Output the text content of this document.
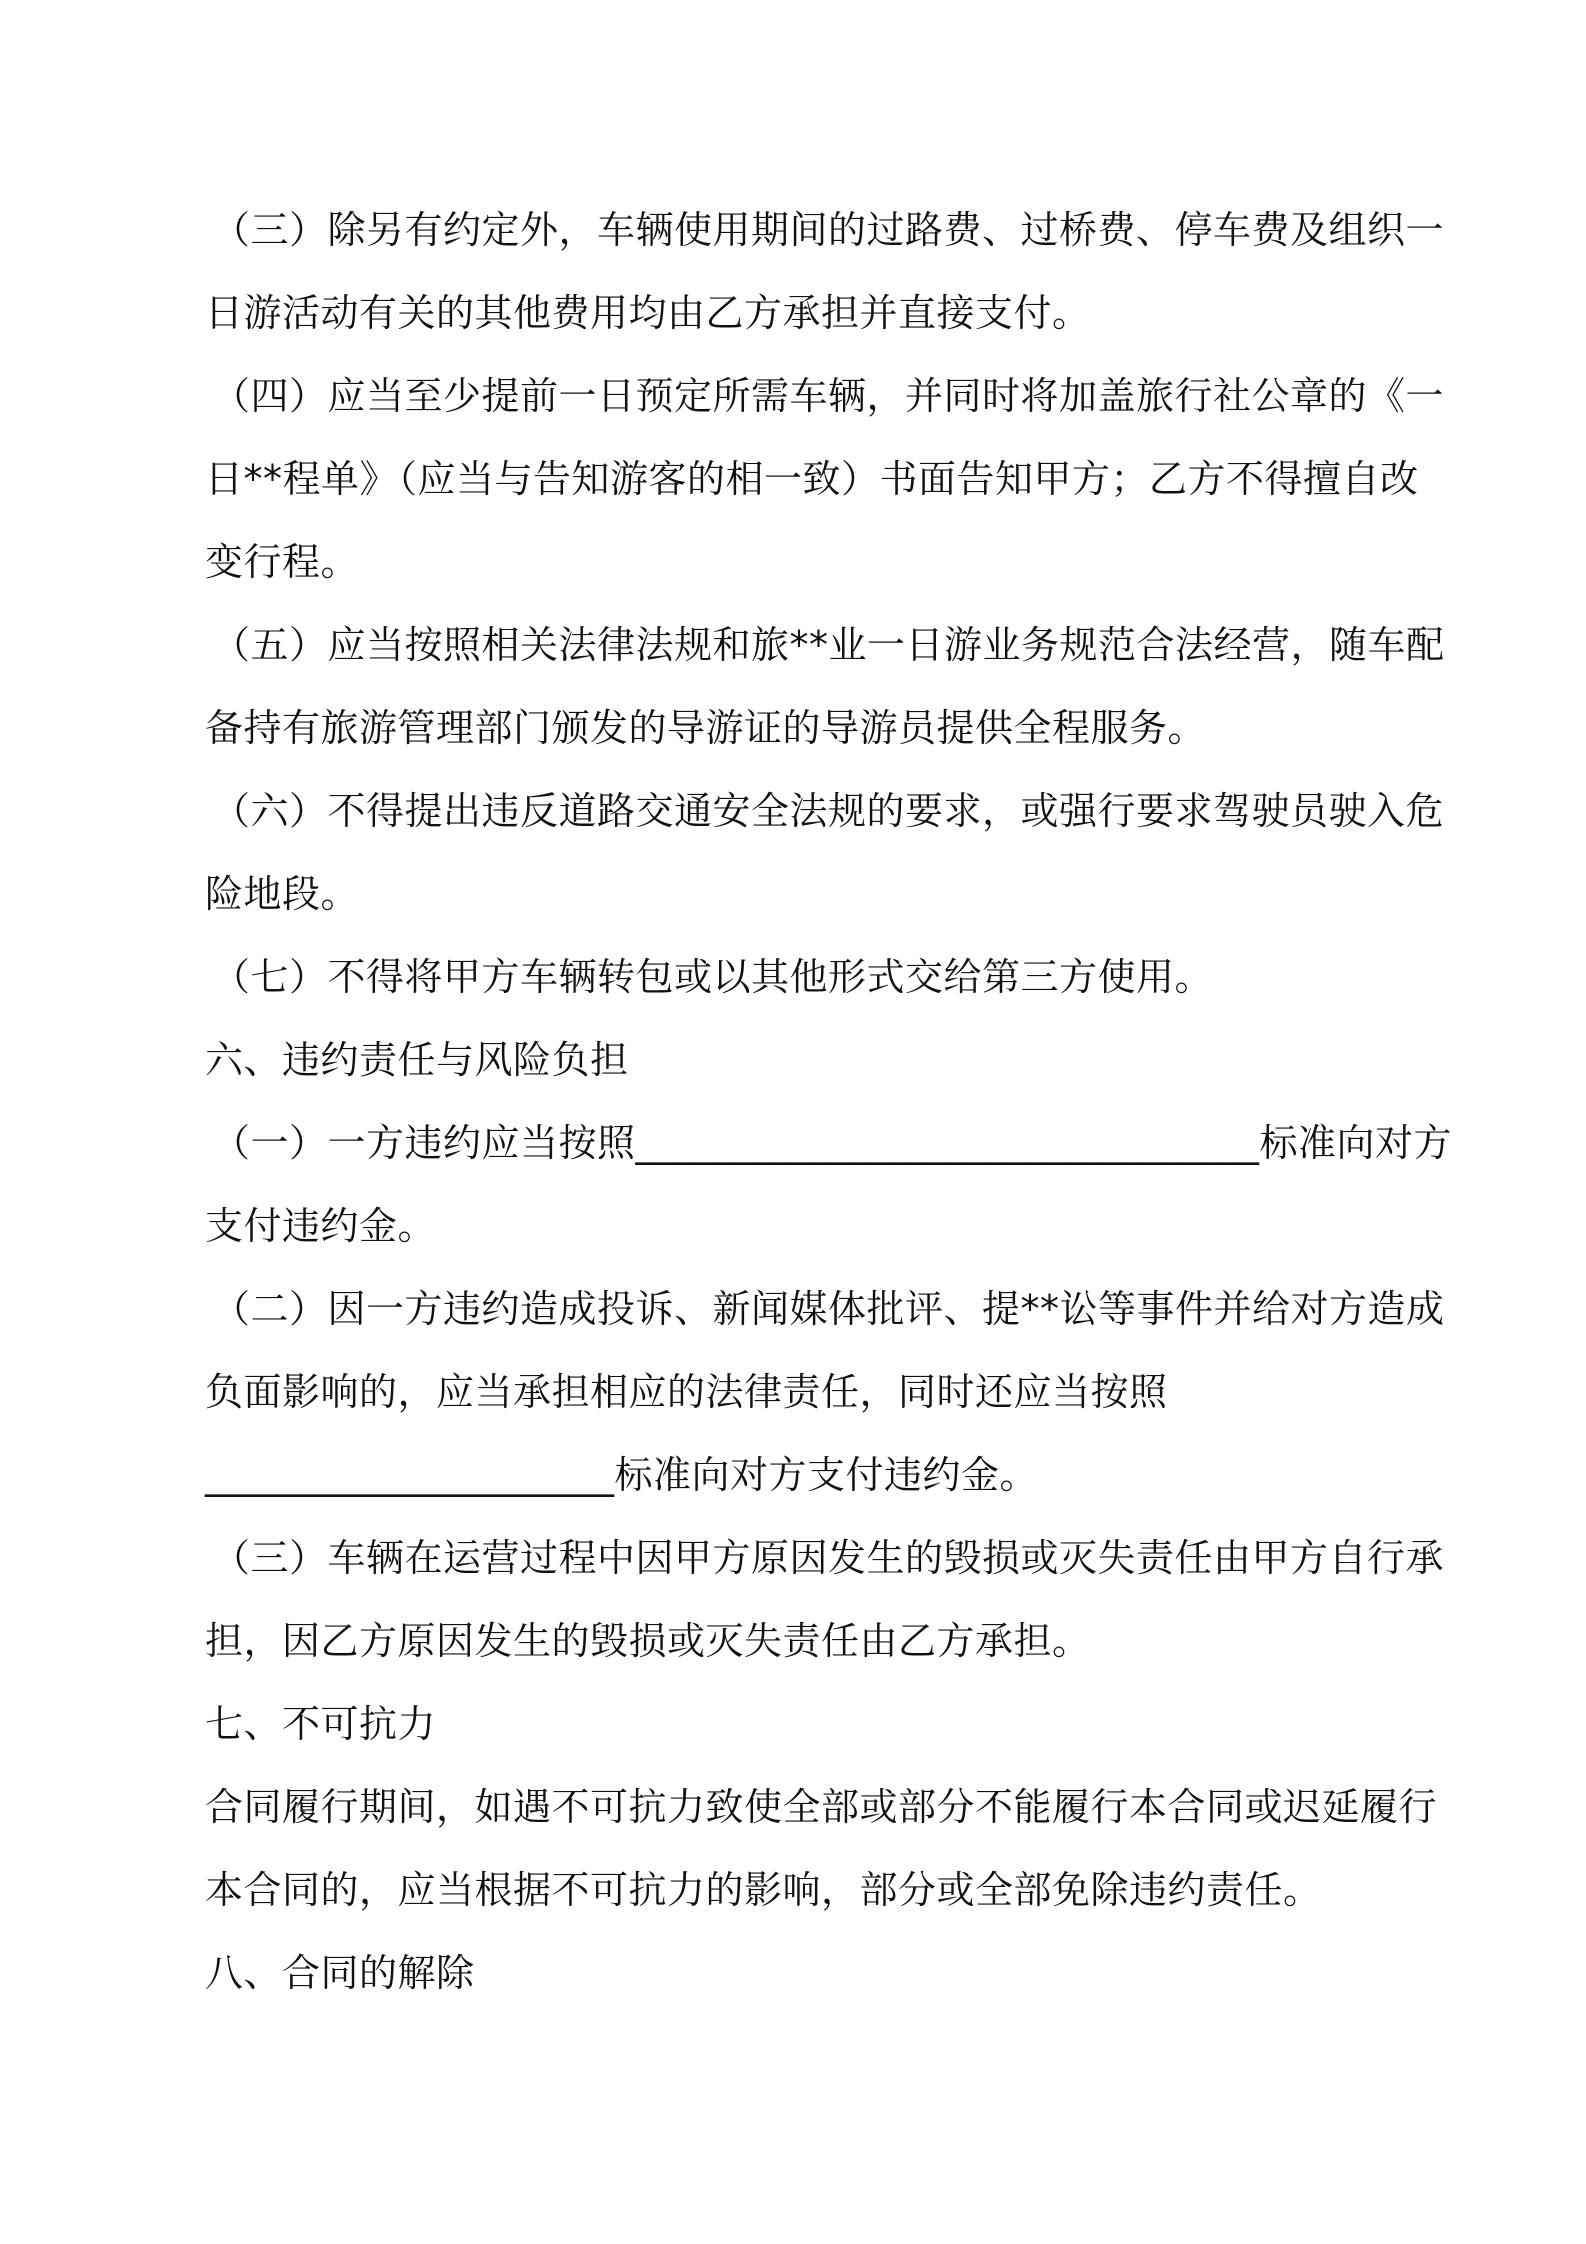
（三）除另有约定外，车辆使用期间的过路费、过桥费、停车费及组织一
日游活动有关的其他费用均由乙方承担并直接支付。
（四）应当至少提前一日预定所需车辆，并同时将加盖旅行社公章的《一
日**程单》（应当与告知游客的相一致）书面告知甲方；乙方不得擅自改
变行程。
（五）应当按照相关法律法规和旅**业一日游业务规范合法经营，随车配
备持有旅游管理部门颁发的导游证的导游员提供全程服务。
（六）不得提出违反道路交通安全法规的要求，或强行要求驾驶员驶入危
险地段。
（七）不得将甲方车辆转包或以其他形式交给第三方使用。
六、违约责任与风险负担
（一）一方违约应当按照________________________________标准向对方
支付违约金。
（二）因一方违约造成投诉、新闻媒体批评、提**讼等事件并给对方造成
负面影响的，应当承担相应的法律责任，同时还应当按照
_____________________标准向对方支付违约金。
（三）车辆在运营过程中因甲方原因发生的毁损或灭失责任由甲方自行承
担，因乙方原因发生的毁损或灭失责任由乙方承担。
七、不可抗力
合同履行期间，如遇不可抗力致使全部或部分不能履行本合同或迟延履行
本合同的，应当根据不可抗力的影响，部分或全部免除违约责任。
八、合同的解除
